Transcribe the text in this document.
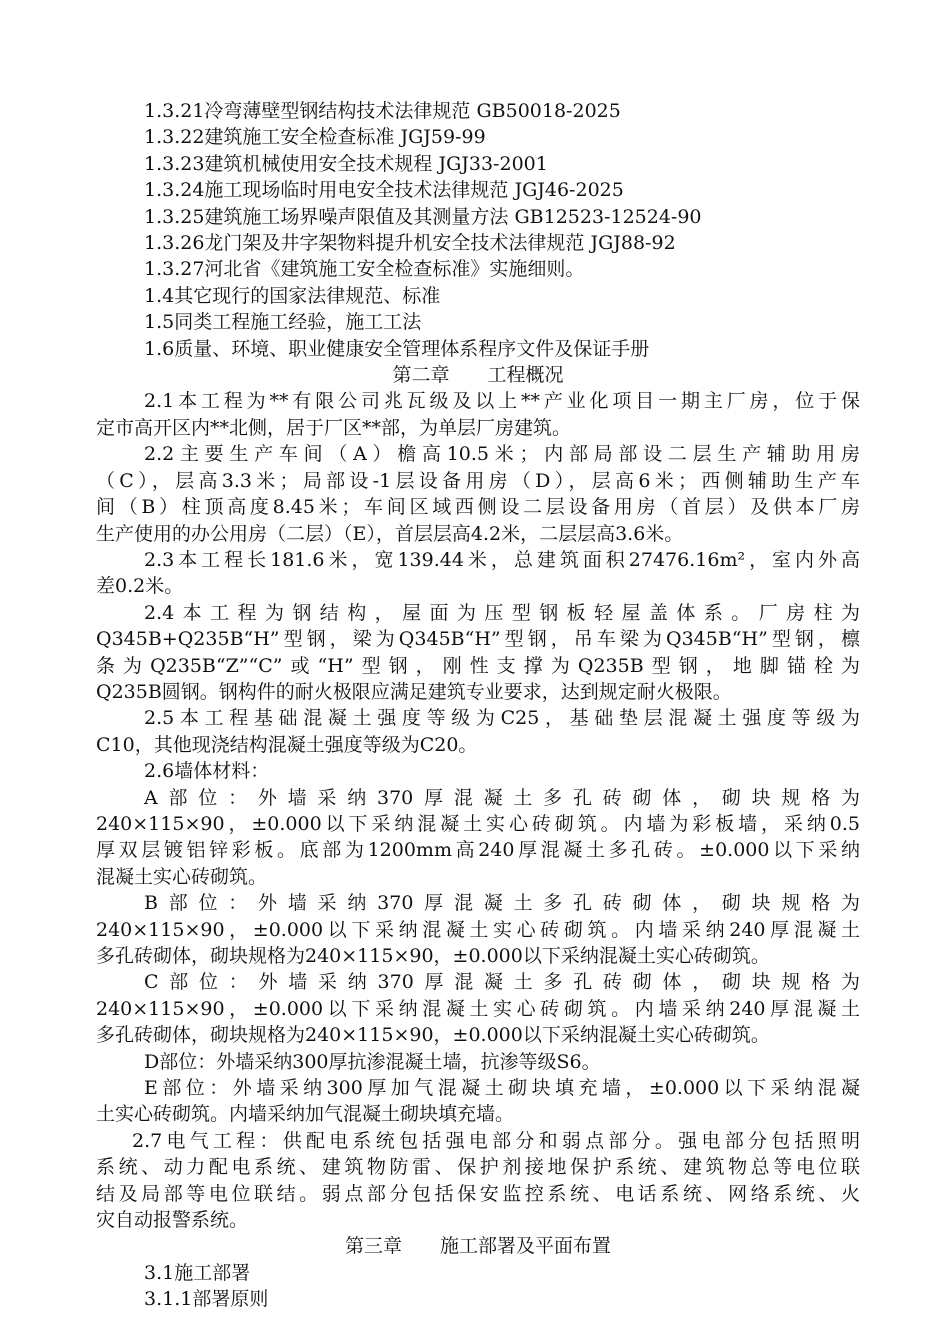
1.3.21冷弯薄壁型钢结构技术法律规范 GB50018-2025
1.3.22建筑施工安全检查标准 JGJ59-99
1.3.23建筑机械使用安全技术规程 JGJ33-2001
1.3.24施工现场临时用电安全技术法律规范 JGJ46-2025
1.3.25建筑施工场界噪声限值及其测量方法 GB12523-12524-90
1.3.26龙门架及井字架物料提升机安全技术法律规范 JGJ88-92
1.3.27河北省《建筑施工安全检查标准》实施细则。
1.4其它现行的国家法律规范、标准
1.5同类工程施工经验，施工工法
1.6质量、环境、职业健康安全管理体系程序文件及保证手册
第二章　　工程概况
2.1本工程为**有限公司兆瓦级及以上**产业化项目一期主厂房，位于保
定市高开区内**北侧，居于厂区**部，为单层厂房建筑。
2.2主要生产车间（A）檐高10.5米；内部局部设二层生产辅助用房
（C），层高3.3米；局部设-1层设备用房（D），层高6米；西侧辅助生产车
间（B）柱顶高度8.45米；车间区域西侧设二层设备用房（首层）及供本厂房
生产使用的办公用房（二层）（E），首层层高4.2米，二层层高3.6米。
2.3本工程长181.6米，宽139.44米，总建筑面积27476.16m²，室内外高
差0.2米。
2.4本工程为钢结构，屋面为压型钢板轻屋盖体系。厂房柱为
Q345B+Q235B“H”型钢，梁为Q345B“H”型钢，吊车梁为Q345B“H”型钢，檩
条为Q235B“Z”“C”或“H”型钢，刚性支撑为Q235B型钢，地脚锚栓为
Q235B圆钢。钢构件的耐火极限应满足建筑专业要求，达到规定耐火极限。
2.5本工程基础混凝土强度等级为C25，基础垫层混凝土强度等级为
C10，其他现浇结构混凝土强度等级为C20。
2.6墙体材料：
A部位：外墙采纳370厚混凝土多孔砖砌体，砌块规格为
240×115×90，±0.000以下采纳混凝土实心砖砌筑。内墙为彩板墙，采纳0.5
厚双层镀铝锌彩板。底部为1200mm高240厚混凝土多孔砖。±0.000以下采纳
混凝土实心砖砌筑。
B部位：外墙采纳370厚混凝土多孔砖砌体，砌块规格为
240×115×90，±0.000以下采纳混凝土实心砖砌筑。内墙采纳240厚混凝土
多孔砖砌体，砌块规格为240×115×90，±0.000以下采纳混凝土实心砖砌筑。
C部位：外墙采纳370厚混凝土多孔砖砌体，砌块规格为
240×115×90，±0.000以下采纳混凝土实心砖砌筑。内墙采纳240厚混凝土
多孔砖砌体，砌块规格为240×115×90，±0.000以下采纳混凝土实心砖砌筑。
D部位：外墙采纳300厚抗渗混凝土墙，抗渗等级S6。
E部位：外墙采纳300厚加气混凝土砌块填充墙，±0.000以下采纳混凝
土实心砖砌筑。内墙采纳加气混凝土砌块填充墙。
2.7电气工程：供配电系统包括强电部分和弱点部分。强电部分包括照明
系统、动力配电系统、建筑物防雷、保护剂接地保护系统、建筑物总等电位联
结及局部等电位联结。弱点部分包括保安监控系统、电话系统、网络系统、火
灾自动报警系统。
第三章　　施工部署及平面布置
3.1施工部署
3.1.1部署原则
